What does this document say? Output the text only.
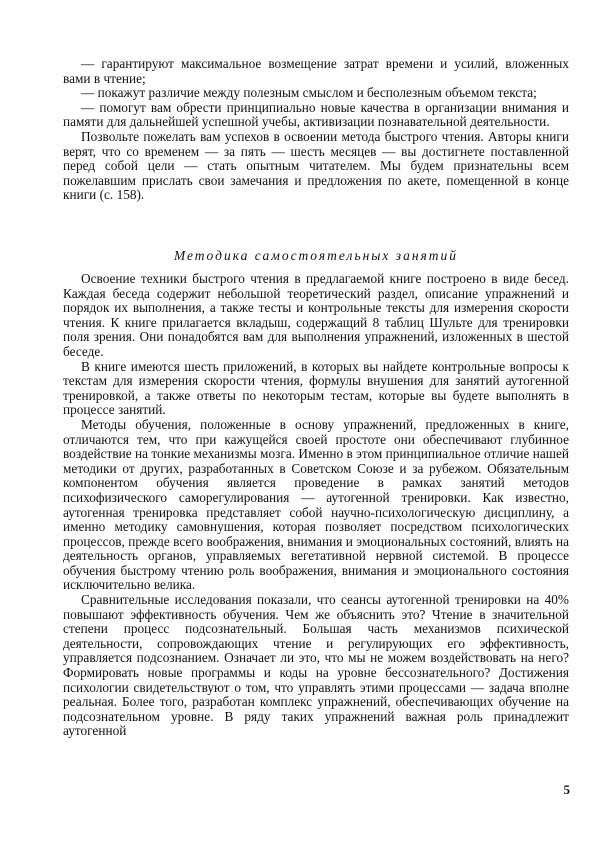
— гарантируют максимальное возмещение затрат времени и усилий, вложенных вами в чтение;

— покажут различие между полезным смыслом и бесполезным объемом текста;

— помогут вам обрести принципиально новые качества в организации внимания и памяти для дальнейшей успешной учебы, активизации познавательной деятельности.

Позвольте пожелать вам успехов в освоении метода быстрого чтения. Авторы книги верят, что со временем — за пять — шесть месяцев — вы достигнете поставленной перед собой цели — стать опытным читателем. Мы будем признательны всем пожелавшим прислать свои замечания и предложения по акете, помещенной в конце книги (с. 158).

Методика самостоятельных занятий

Освоение техники быстрого чтения в предлагаемой книге построено в виде бесед. Каждая беседа содержит небольшой теоретический раздел, описание упражнений и порядок их выполнения, а также тесты и контрольные тексты для измерения скорости чтения. К книге прилагается вкладыш, содержащий 8 таблиц Шульте для тренировки поля зрения. Они понадобятся вам для выполнения упражнений, изложенных в шестой беседе.

В книге имеются шесть приложений, в которых вы найдете контрольные вопросы к текстам для измерения скорости чтения, формулы внушения для занятий аутогенной тренировкой, а также ответы по некоторым тестам, которые вы будете выполнять в процессе занятий.

Методы обучения, положенные в основу упражнений, предложенных в книге, отличаются тем, что при кажущейся своей простоте они обеспечивают глубинное воздействие на тонкие механизмы мозга. Именно в этом принципиальное отличие нашей методики от других, разработанных в Советском Союзе и за рубежом. Обязательным компонентом обучения является проведение в рамках занятий методов психофизического саморегулирования — аутогенной тренировки. Как известно, аутогенная тренировка представляет собой научно-психологическую дисциплину, а именно методику самовнушения, которая позволяет посредством психологических процессов, прежде всего воображения, внимания и эмоциональных состояний, влиять на деятельность органов, управляемых вегетативной нервной системой. В процессе обучения быстрому чтению роль воображения, внимания и эмоционального состояния исключительно велика.

Сравнительные исследования показали, что сеансы аутогенной тренировки на 40% повышают эффективность обучения. Чем же объяснить это? Чтение в значительной степени процесс подсознательный. Большая часть механизмов психической деятельности, сопровождающих чтение и регулирующих его эффективность, управляется подсознанием. Означает ли это, что мы не можем воздействовать на него? Формировать новые программы и коды на уровне бессознательного? Достижения психологии свидетельствуют о том, что управлять этими процессами — задача вполне реальная. Более того, разработан комплекс упражнений, обеспечивающих обучение на подсознательном уровне. В ряду таких упражнений важная роль принадлежит аутогенной

5
